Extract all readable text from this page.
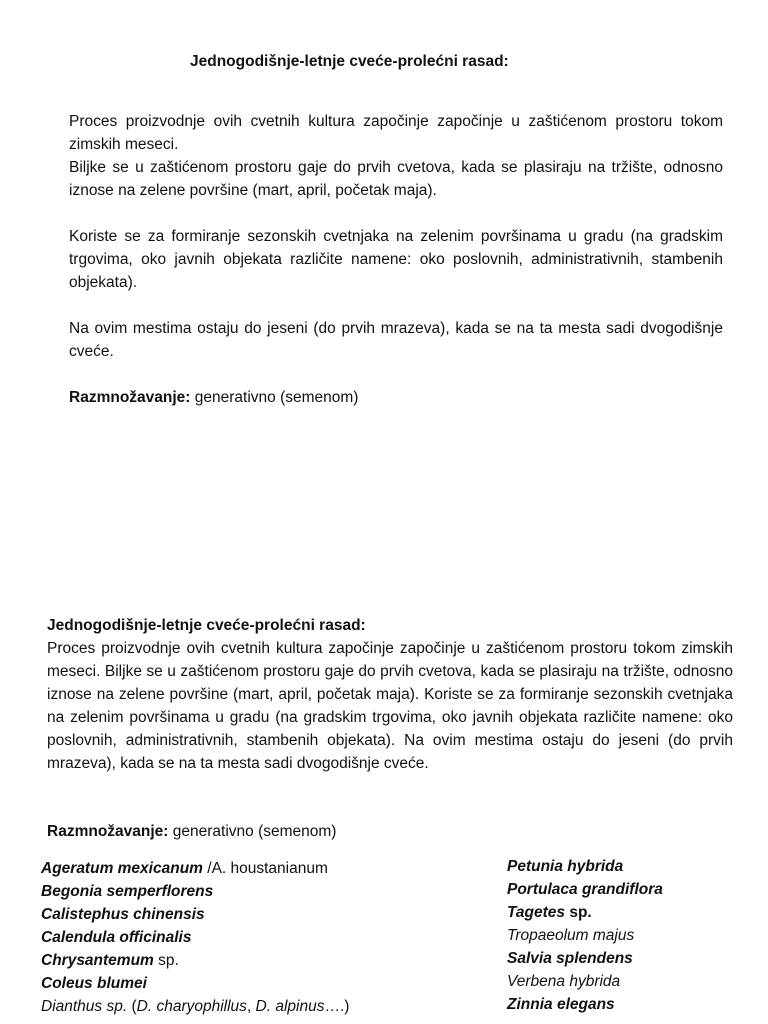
Jednogodišnje-letnje cveće-prolećni rasad:

Proces proizvodnje ovih cvetnih kultura započinje započinje u zaštićenom prostoru tokom zimskih meseci.

Biljke se u zaštićenom prostoru gaje do prvih cvetova, kada se plasiraju na tržište, odnosno iznose na zelene površine (mart, april, početak maja).

Koriste se za formiranje sezonskih cvetnjaka na zelenim površinama u gradu (na gradskim trgovima, oko javnih objekata različite namene: oko poslovnih, administrativnih, stambenih objekata).

Na ovim mestima ostaju do jeseni (do prvih mrazeva), kada se na ta mesta sadi dvogodišnje cveće.

Razmnožavanje: generativno (semenom)

Jednogodišnje-letnje cveće-prolećni rasad:

Proces proizvodnje ovih cvetnih kultura započinje započinje u zaštićenom prostoru tokom zimskih meseci. Biljke se u zaštićenom prostoru gaje do prvih cvetova, kada se plasiraju na tržište, odnosno iznose na zelene površine (mart, april, početak maja). Koriste se za formiranje sezonskih cvetnjaka na zelenim površinama u gradu (na gradskim trgovima, oko javnih objekata različite namene: oko poslovnih, administrativnih, stambenih objekata). Na ovim mestima ostaju do jeseni (do prvih mrazeva), kada se na ta mesta sadi dvogodišnje cveće.

Razmnožavanje: generativno (semenom)
Ageratum mexicanum /A. houstanianum
Begonia semperflorens
Calistephus chinensis
Calendula officinalis
Chrysantemum sp.
Coleus blumei
Dianthus sp. (D. charyophillus, D. alpinus….)
Petunia hybrida
Portulaca grandiflora
Tagetes sp.
Tropaeolum majus
Salvia splendens
Verbena hybrida
Zinnia elegans
